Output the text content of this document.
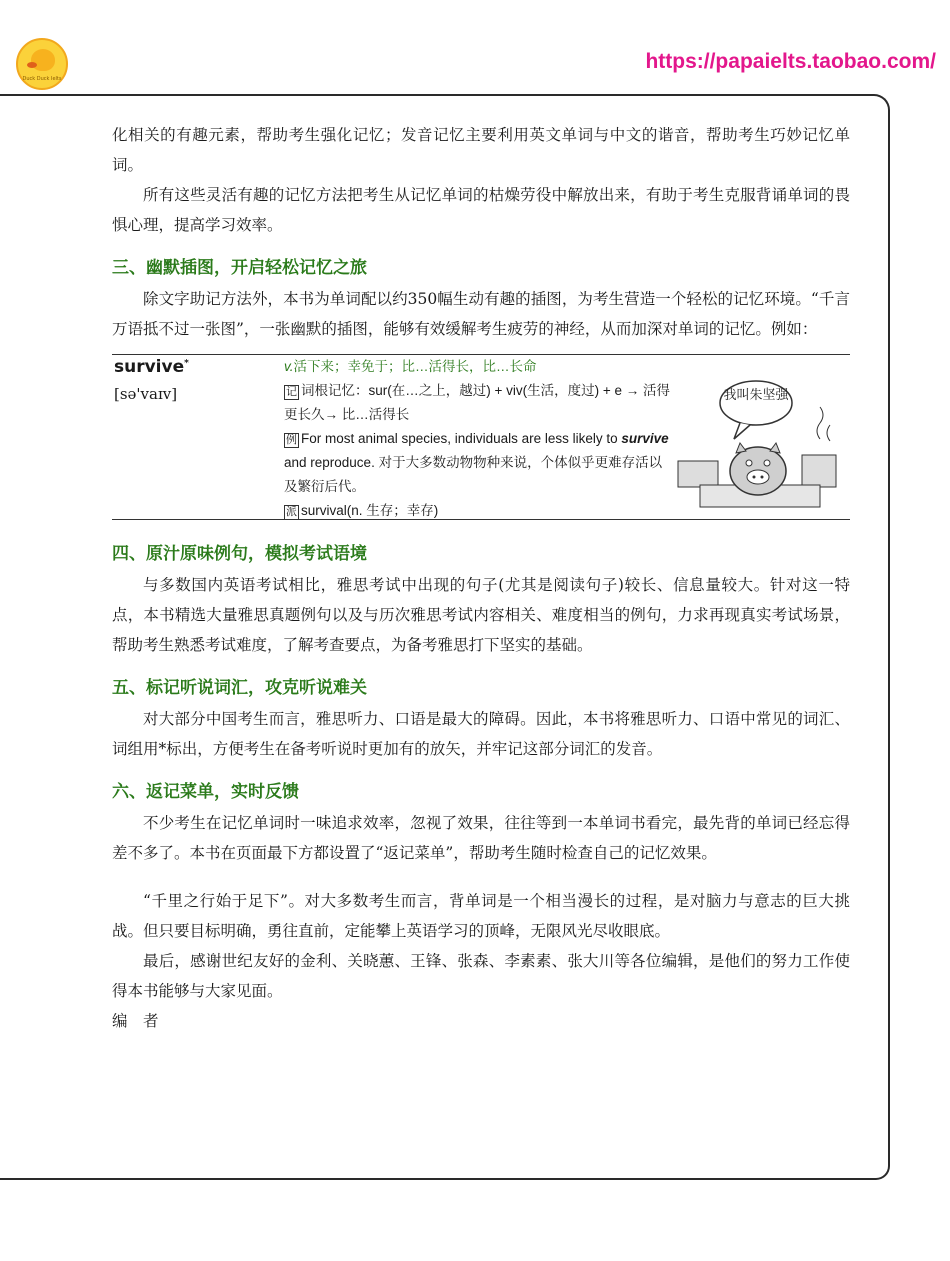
Duck Duck Ielts
https://papaielts.taobao.com/

化相关的有趣元素，帮助考生强化记忆；发音记忆主要利用英文单词与中文的谐音，帮助考生巧妙记忆单词。

所有这些灵活有趣的记忆方法把考生从记忆单词的枯燥劳役中解放出来，有助于考生克服背诵单词的畏惧心理，提高学习效率。

三、幽默插图，开启轻松记忆之旅

除文字助记方法外，本书为单词配以约350幅生动有趣的插图，为考生营造一个轻松的记忆环境。“千言万语抵不过一张图”，一张幽默的插图，能够有效缓解考生疲劳的神经，从而加深对单词的记忆。例如：

survive*
[sə'vaɪv]
v.活下来；幸免于；比…活得长，比…长命
记 词根记忆：sur(在…之上，越过) + viv(生活，度过) + e → 活得更长久→ 比…活得长
例 For most animal species, individuals are less likely to survive and reproduce. 对于大多数动物物种来说，个体似乎更难存活以及繁衍后代。
派 survival(n. 生存；幸存)
我叫朱坚强
四、原汁原味例句，模拟考试语境

与多数国内英语考试相比，雅思考试中出现的句子(尤其是阅读句子)较长、信息量较大。针对这一特点，本书精选大量雅思真题例句以及与历次雅思考试内容相关、难度相当的例句，力求再现真实考试场景，帮助考生熟悉考试难度，了解考查要点，为备考雅思打下坚实的基础。

五、标记听说词汇，攻克听说难关

对大部分中国考生而言，雅思听力、口语是最大的障碍。因此，本书将雅思听力、口语中常见的词汇、词组用*标出，方便考生在备考听说时更加有的放矢，并牢记这部分词汇的发音。

六、返记菜单，实时反馈

不少考生在记忆单词时一味追求效率，忽视了效果，往往等到一本单词书看完，最先背的单词已经忘得差不多了。本书在页面最下方都设置了“返记菜单”，帮助考生随时检查自己的记忆效果。

“千里之行始于足下”。对大多数考生而言，背单词是一个相当漫长的过程，是对脑力与意志的巨大挑战。但只要目标明确，勇往直前，定能攀上英语学习的顶峰，无限风光尽收眼底。

最后，感谢世纪友好的金利、关晓蕙、王锋、张森、李素素、张大川等各位编辑，是他们的努力工作使得本书能够与大家见面。

编　者
